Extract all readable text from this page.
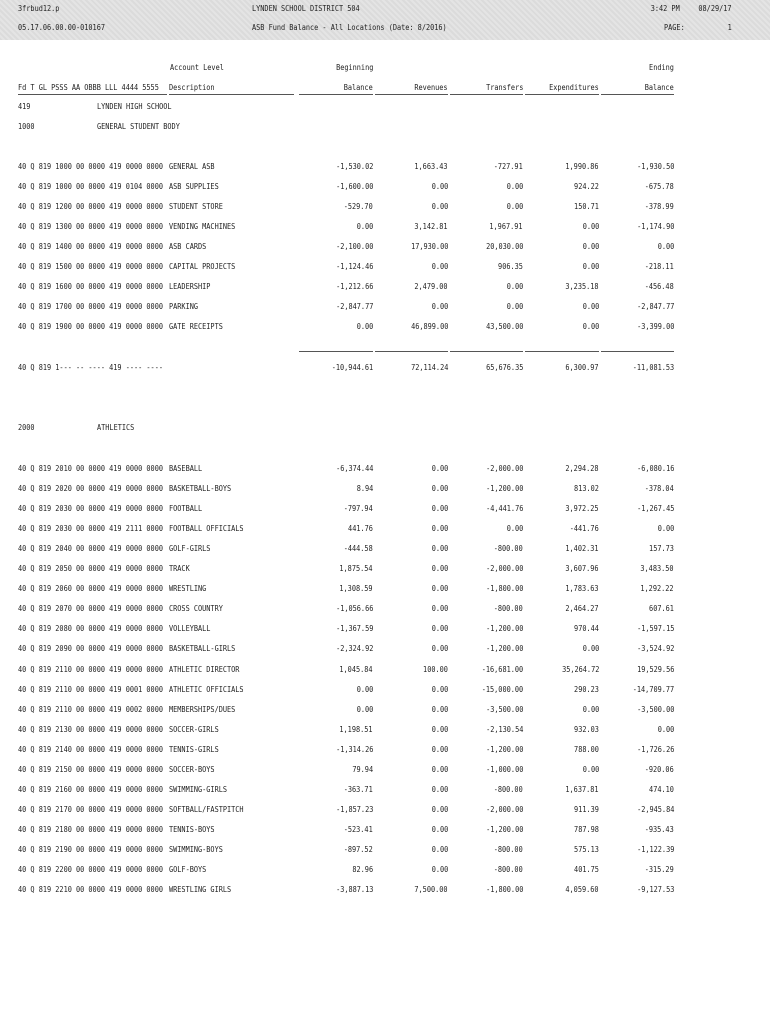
3frbud12.p	LYNDEN SCHOOL DISTRICT 504	3:42 PM 08/29/17
05.17.06.00.00-010167	ASB Fund Balance - All Locations (Date: 8/2016)	PAGE:	1
Account Level	Beginning	Ending
Fd T GL PSSS AA OBBB LLL 4444 5555 Description	Balance	Revenues	Transfers	Expenditures	Balance
419	LYNDEN HIGH SCHOOL
1000	GENERAL STUDENT BODY
40 Q 819 1000 00 0000 419 0000 0000 GENERAL ASB	-1,530.02	1,663.43	-727.91	1,990.86	-1,930.50
40 Q 819 1000 00 0000 419 0104 0000 ASB SUPPLIES	-1,600.00	0.00	0.00	924.22	-675.78
40 Q 819 1200 00 0000 419 0000 0000 STUDENT STORE	-529.70	0.00	0.00	150.71	-378.99
40 Q 819 1300 00 0000 419 0000 0000 VENDING MACHINES	0.00	3,142.81	1,967.91	0.00	-1,174.90
40 Q 819 1400 00 0000 419 0000 0000 ASB CARDS	-2,100.00	17,930.00	20,030.00	0.00	0.00
40 Q 819 1500 00 0000 419 0000 0000 CAPITAL PROJECTS	-1,124.46	0.00	906.35	0.00	-218.11
40 Q 819 1600 00 0000 419 0000 0000 LEADERSHIP	-1,212.66	2,479.00	0.00	3,235.18	-456.48
40 Q 819 1700 00 0000 419 0000 0000 PARKING	-2,847.77	0.00	0.00	0.00	-2,847.77
40 Q 819 1900 00 0000 419 0000 0000 GATE RECEIPTS	0.00	46,899.00	43,500.00	0.00	-3,399.00
40 Q 819 1--- -- ---- 419 ---- ----	-10,944.61	72,114.24	65,676.35	6,300.97	-11,081.53
2000	ATHLETICS
40 Q 819 2010 00 0000 419 0000 0000 BASEBALL	-6,374.44	0.00	-2,000.00	2,294.28	-6,080.16
40 Q 819 2020 00 0000 419 0000 0000 BASKETBALL-BOYS	8.94	0.00	-1,200.00	813.02	-378.04
40 Q 819 2030 00 0000 419 0000 0000 FOOTBALL	-797.94	0.00	-4,441.76	3,972.25	-1,267.45
40 Q 819 2030 00 0000 419 2111 0000 FOOTBALL OFFICIALS	441.76	0.00	0.00	-441.76	0.00
40 Q 819 2040 00 0000 419 0000 0000 GOLF-GIRLS	-444.58	0.00	-800.00	1,402.31	157.73
40 Q 819 2050 00 0000 419 0000 0000 TRACK	1,875.54	0.00	-2,000.00	3,607.96	3,483.50
40 Q 819 2060 00 0000 419 0000 0000 WRESTLING	1,308.59	0.00	-1,800.00	1,783.63	1,292.22
40 Q 819 2070 00 0000 419 0000 0000 CROSS COUNTRY	-1,056.66	0.00	-800.00	2,464.27	607.61
40 Q 819 2080 00 0000 419 0000 0000 VOLLEYBALL	-1,367.59	0.00	-1,200.00	970.44	-1,597.15
40 Q 819 2090 00 0000 419 0000 0000 BASKETBALL-GIRLS	-2,324.92	0.00	-1,200.00	0.00	-3,524.92
40 Q 819 2110 00 0000 419 0000 0000 ATHLETIC DIRECTOR	1,045.84	100.00	-16,681.00	35,264.72	19,529.56
40 Q 819 2110 00 0000 419 0001 0000 ATHLETIC OFFICIALS	0.00	0.00	-15,000.00	290.23	-14,709.77
40 Q 819 2110 00 0000 419 0002 0000 MEMBERSHIPS/DUES	0.00	0.00	-3,500.00	0.00	-3,500.00
40 Q 819 2130 00 0000 419 0000 0000 SOCCER-GIRLS	1,198.51	0.00	-2,130.54	932.03	0.00
40 Q 819 2140 00 0000 419 0000 0000 TENNIS-GIRLS	-1,314.26	0.00	-1,200.00	788.00	-1,726.26
40 Q 819 2150 00 0000 419 0000 0000 SOCCER-BOYS	79.94	0.00	-1,000.00	0.00	-920.06
40 Q 819 2160 00 0000 419 0000 0000 SWIMMING-GIRLS	-363.71	0.00	-800.00	1,637.81	474.10
40 Q 819 2170 00 0000 419 0000 0000 SOFTBALL/FASTPITCH	-1,857.23	0.00	-2,000.00	911.39	-2,945.84
40 Q 819 2180 00 0000 419 0000 0000 TENNIS-BOYS	-523.41	0.00	-1,200.00	787.98	-935.43
40 Q 819 2190 00 0000 419 0000 0000 SWIMMING-BOYS	-897.52	0.00	-800.00	575.13	-1,122.39
40 Q 819 2200 00 0000 419 0000 0000 GOLF-BOYS	82.96	0.00	-800.00	401.75	-315.29
40 Q 819 2210 00 0000 419 0000 0000 WRESTLING GIRLS	-3,887.13	7,500.00	-1,800.00	4,059.60	-9,127.53
